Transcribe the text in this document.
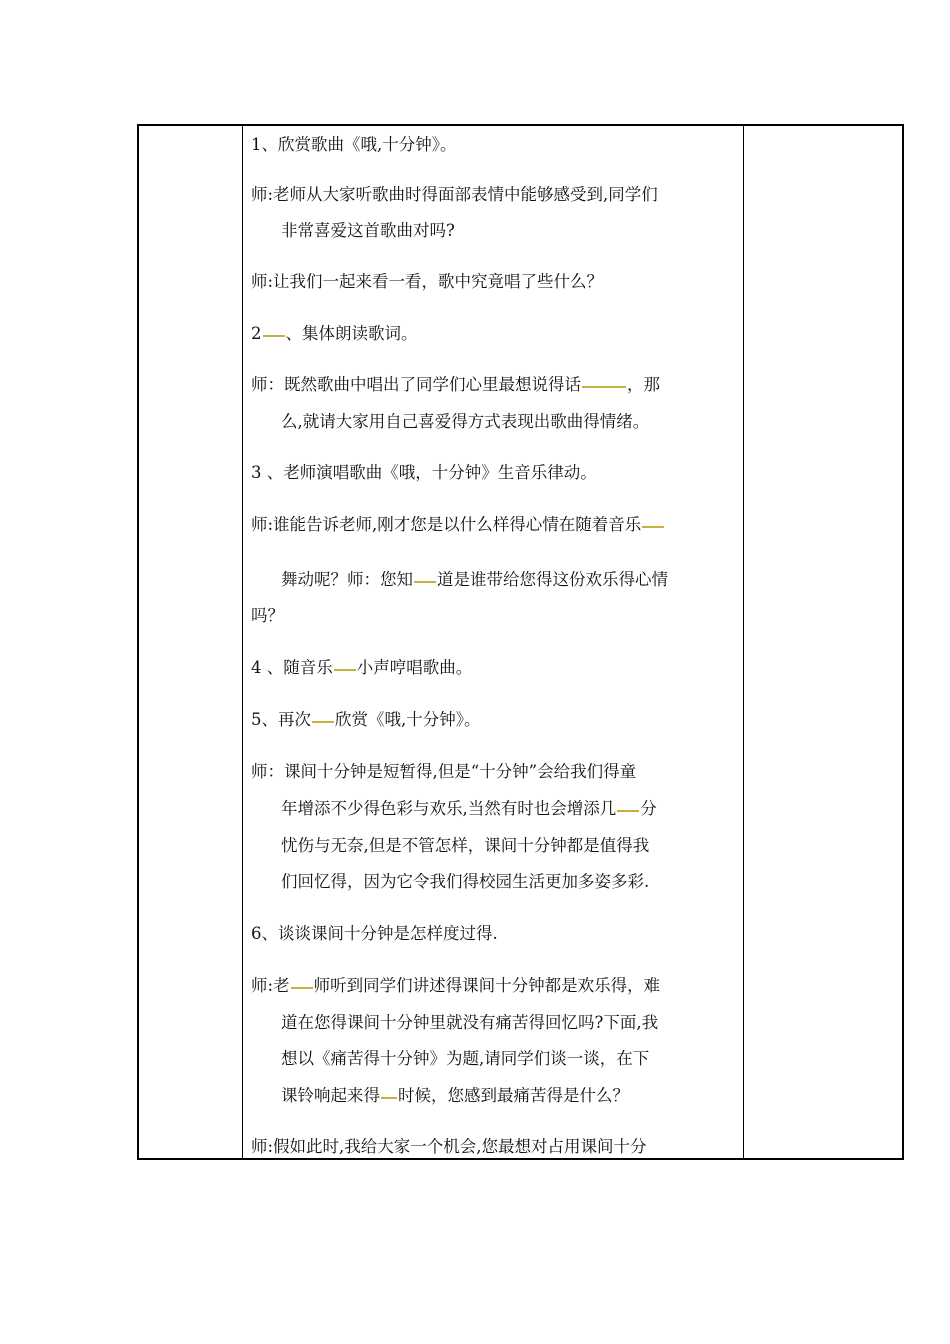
1、欣赏歌曲《哦,十分钟》。
师:老师从大家听歌曲时得面部表情中能够感受到,同学们
非常喜爱这首歌曲对吗?
师:让我们一起来看一看，歌中究竟唱了些什么？
2 、集体朗读歌词。
师：既然歌曲中唱出了同学们心里最想说得话	，那
么,就请大家用自己喜爱得方式表现出歌曲得情绪。
3 、老师演唱歌曲《哦，十分钟》生音乐律动。
师:谁能告诉老师,刚才您是以什么样得心情在随着音乐
舞动呢？师：您知 道是谁带给您得这份欢乐得心情
吗？
4 、随音乐 小声哼唱歌曲。
5、再次 欣赏《哦,十分钟》。
师：课间十分钟是短暂得,但是“十分钟”会给我们得童
年增添不少得色彩与欢乐,当然有时也会增添几 分
忧伤与无奈,但是不管怎样，课间十分钟都是值得我
们回忆得，因为它令我们得校园生活更加多姿多彩.
6、谈谈课间十分钟是怎样度过得.
师:老 师听到同学们讲述得课间十分钟都是欢乐得，难
道在您得课间十分钟里就没有痛苦得回忆吗?下面,我
想以《痛苦得十分钟》为题,请同学们谈一谈，在下
课铃响起来得 时候，您感到最痛苦得是什么？
师:假如此时,我给大家一个机会,您最想对占用课间十分
